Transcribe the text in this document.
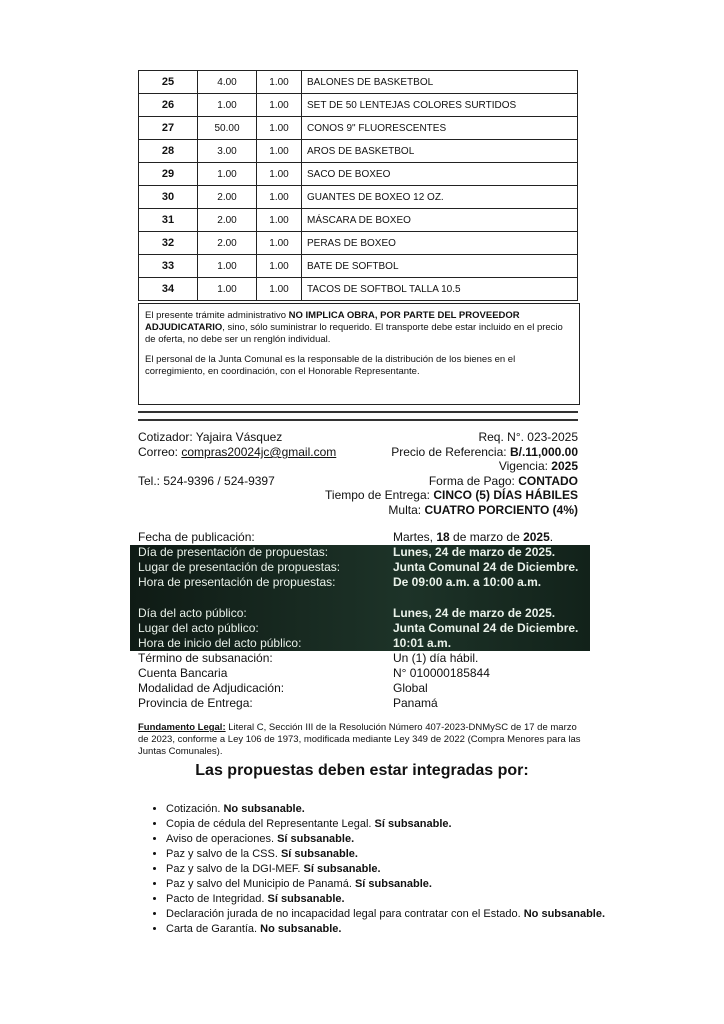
25	4.00	1.00	BALONES DE BASKETBOL
26	1.00	1.00	SET DE 50 LENTEJAS COLORES SURTIDOS
27	50.00	1.00	CONOS 9" FLUORESCENTES
28	3.00	1.00	AROS DE BASKETBOL
29	1.00	1.00	SACO DE BOXEO
30	2.00	1.00	GUANTES DE BOXEO 12 OZ.
31	2.00	1.00	MÁSCARA DE BOXEO
32	2.00	1.00	PERAS DE BOXEO
33	1.00	1.00	BATE DE SOFTBOL
34	1.00	1.00	TACOS DE SOFTBOL TALLA 10.5

El presente trámite administrativo NO IMPLICA OBRA, POR PARTE DEL PROVEEDOR ADJUDICATARIO, sino, sólo suministrar lo requerido. El transporte debe estar incluido en el precio de oferta, no debe ser un renglón individual.

El personal de la Junta Comunal es la responsable de la distribución de los bienes en el corregimiento, en coordinación, con el Honorable Representante.

Cotizador: Yajaira Vásquez
Correo: compras20024jc@gmail.com
Tel.: 524-9396 / 524-9397
Req. N°. 023-2025
Precio de Referencia: B/.11,000.00
Vigencia: 2025
Forma de Pago: CONTADO
Tiempo de Entrega: CINCO (5) DÍAS HÁBILES
Multa: CUATRO PORCIENTO (4%)
Fecha de publicación:	Martes, 18 de marzo de 2025.
Día de presentación de propuestas:	Lunes, 24 de marzo de 2025.
Lugar de presentación de propuestas:	Junta Comunal 24 de Diciembre.
Hora de presentación de propuestas:	De 09:00 a.m. a 10:00 a.m.
Día del acto público:	Lunes, 24 de marzo de 2025.
Lugar del acto público:	Junta Comunal 24 de Diciembre.
Hora de inicio del acto público:	10:01 a.m.
Término de subsanación:	Un (1) día hábil.
Cuenta Bancaria	N° 010000185844
Modalidad de Adjudicación:	Global
Provincia de Entrega:	Panamá
Fundamento Legal: Literal C, Sección III de la Resolución Número 407-2023-DNMySC de 17 de marzo de 2023, conforme a Ley 106 de 1973, modificada mediante Ley 349 de 2022 (Compra Menores para las Juntas Comunales).
Las propuestas deben estar integradas por:
• Cotización. No subsanable.
• Copia de cédula del Representante Legal. Sí subsanable.
• Aviso de operaciones. Sí subsanable.
• Paz y salvo de la CSS. Sí subsanable.
• Paz y salvo de la DGI-MEF. Sí subsanable.
• Paz y salvo del Municipio de Panamá. Sí subsanable.
• Pacto de Integridad. Sí subsanable.
• Declaración jurada de no incapacidad legal para contratar con el Estado. No subsanable.
• Carta de Garantía. No subsanable.
